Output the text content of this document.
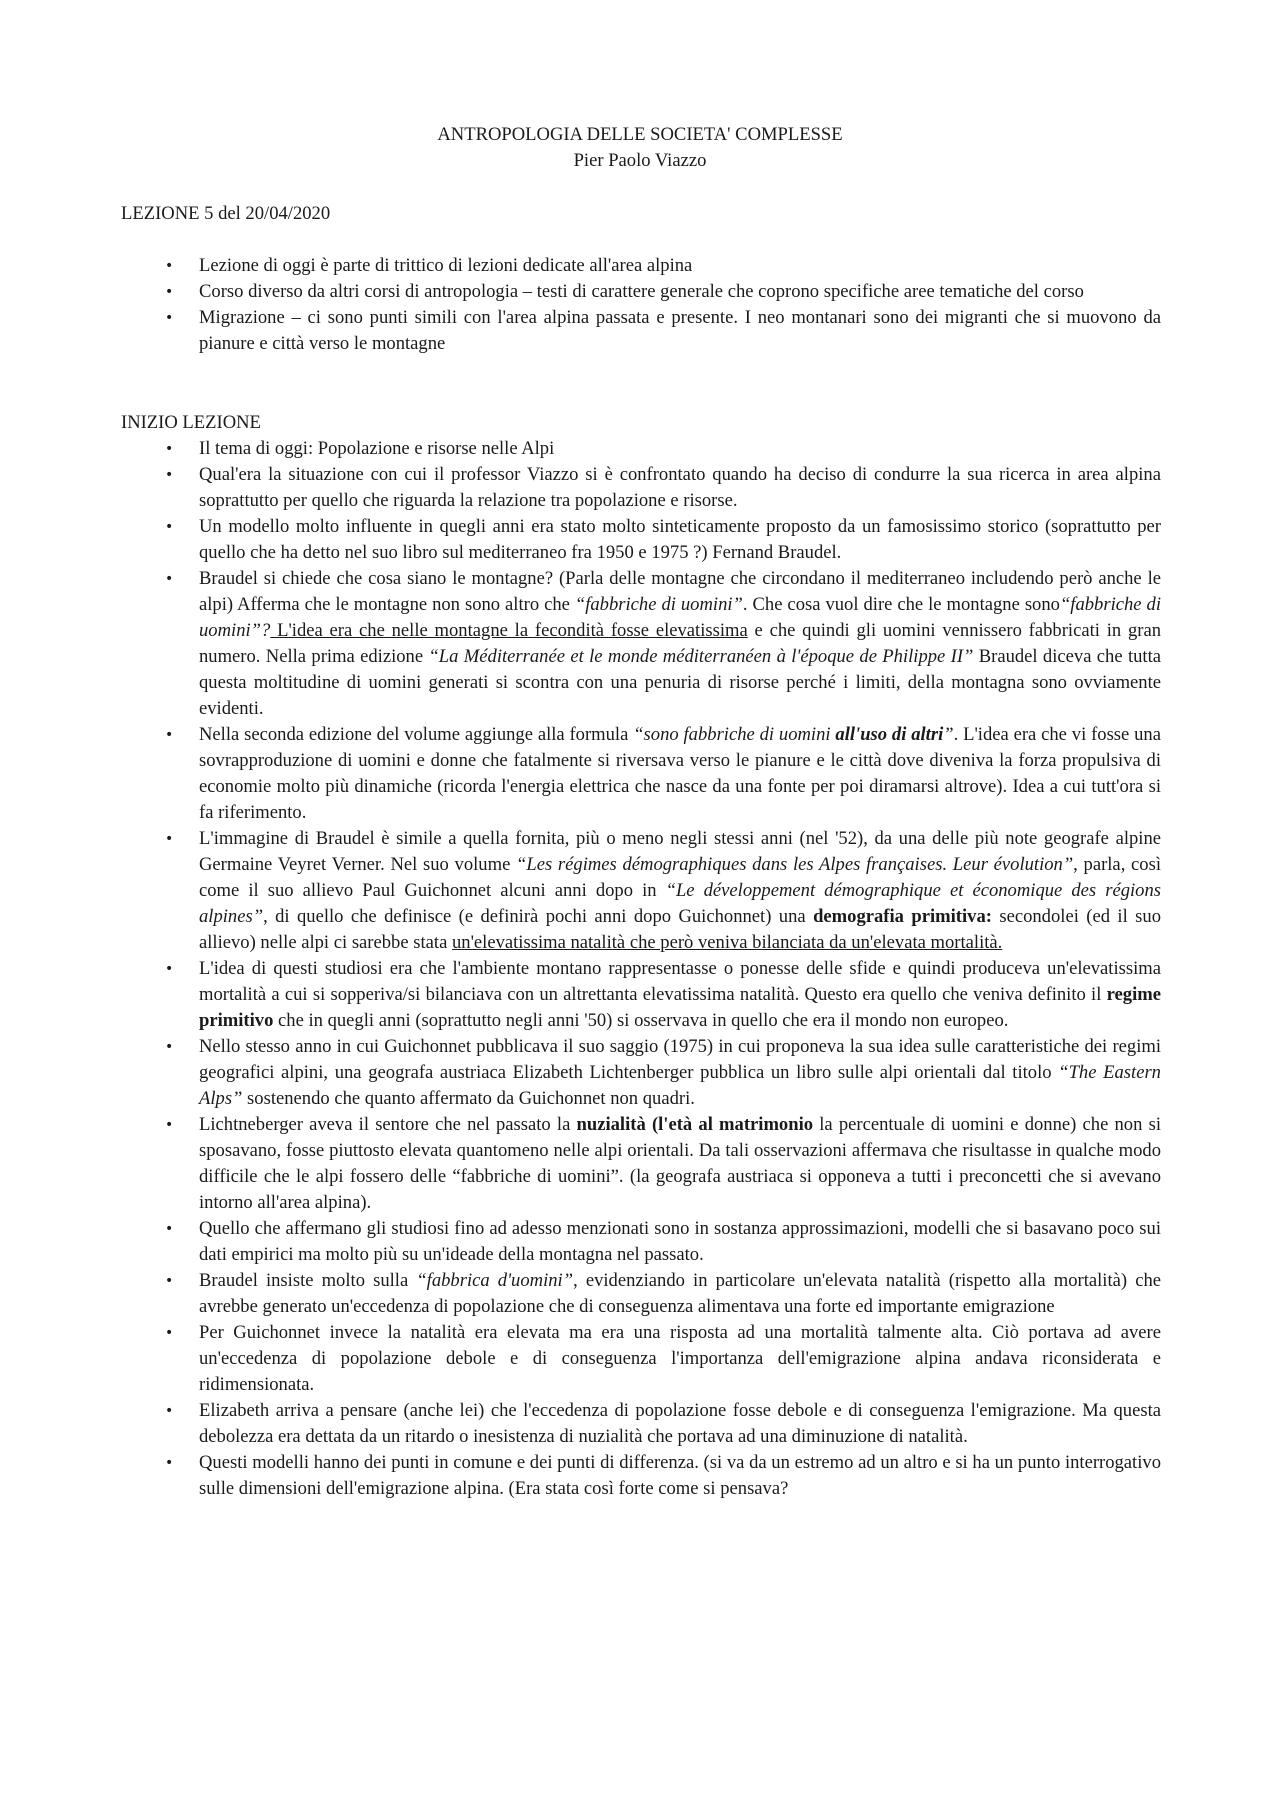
ANTROPOLOGIA DELLE SOCIETA' COMPLESSE
Pier Paolo Viazzo
LEZIONE 5 del 20/04/2020
• Lezione di oggi è parte di trittico di lezioni dedicate all'area alpina
• Corso diverso da altri corsi di antropologia – testi di carattere generale che coprono specifiche aree tematiche del corso
• Migrazione – ci sono punti simili con l'area alpina passata e presente. I neo montanari sono dei migranti che si muovono da pianure e città verso le montagne
INIZIO LEZIONE
• Il tema di oggi: Popolazione e risorse nelle Alpi
• Qual'era la situazione con cui il professor Viazzo si è confrontato quando ha deciso di condurre la sua ricerca in area alpina soprattutto per quello che riguarda la relazione tra popolazione e risorse.
• Un modello molto influente in quegli anni era stato molto sinteticamente proposto da un famosissimo storico (soprattutto per quello che ha detto nel suo libro sul mediterraneo fra 1950 e 1975 ?) Fernand Braudel.
• Braudel si chiede che cosa siano le montagne? (Parla delle montagne che circondano il mediterraneo includendo però anche le alpi) Afferma che le montagne non sono altro che “fabbriche di uomini”. Che cosa vuol dire che le montagne sono“fabbriche di uomini”? L'idea era che nelle montagne la fecondità fosse elevatissima e che quindi gli uomini vennissero fabbricati in gran numero. Nella prima edizione “La Méditerranée et le monde méditerranéen à l'époque de Philippe II” Braudel diceva che tutta questa moltitudine di uomini generati si scontra con una penuria di risorse perché i limiti, della montagna sono ovviamente evidenti.
• Nella seconda edizione del volume aggiunge alla formula “sono fabbriche di uomini all'uso di altri”. L'idea era che vi fosse una sovrapproduzione di uomini e donne che fatalmente si riversava verso le pianure e le città dove diveniva la forza propulsiva di economie molto più dinamiche (ricorda l'energia elettrica che nasce da una fonte per poi diramarsi altrove). Idea a cui tutt'ora si fa riferimento.
• L'immagine di Braudel è simile a quella fornita, più o meno negli stessi anni (nel '52), da una delle più note geografe alpine Germaine Veyret Verner. Nel suo volume “Les régimes démographiques dans les Alpes françaises. Leur évolution”, parla, così come il suo allievo Paul Guichonnet alcuni anni dopo in “Le développement démographique et économique des régions alpines”, di quello che definisce (e definirà pochi anni dopo Guichonnet) una demografia primitiva: secondolei (ed il suo allievo) nelle alpi ci sarebbe stata un'elevatissima natalità che però veniva bilanciata da un'elevata mortalità.
• L'idea di questi studiosi era che l'ambiente montano rappresentasse o ponesse delle sfide e quindi produceva un'elevatissima mortalità a cui si sopperiva/si bilanciava con un altrettanta elevatissima natalità. Questo era quello che veniva definito il regime primitivo che in quegli anni (soprattutto negli anni '50) si osservava in quello che era il mondo non europeo.
• Nello stesso anno in cui Guichonnet pubblicava il suo saggio (1975) in cui proponeva la sua idea sulle caratteristiche dei regimi geografici alpini, una geografa austriaca Elizabeth Lichtenberger pubblica un libro sulle alpi orientali dal titolo “The Eastern Alps” sostenendo che quanto affermato da Guichonnet non quadri.
• Lichtneberger aveva il sentore che nel passato la nuzialità (l'età al matrimonio la percentuale di uomini e donne) che non si sposavano, fosse piuttosto elevata quantomeno nelle alpi orientali. Da tali osservazioni affermava che risultasse in qualche modo difficile che le alpi fossero delle “fabbriche di uomini”. (la geografa austriaca si opponeva a tutti i preconcetti che si avevano intorno all'area alpina).
• Quello che affermano gli studiosi fino ad adesso menzionati sono in sostanza approssimazioni, modelli che si basavano poco sui dati empirici ma molto più su un'ideade della montagna nel passato.
• Braudel insiste molto sulla “fabbrica d'uomini”, evidenziando in particolare un'elevata natalità (rispetto alla mortalità) che avrebbe generato un'eccedenza di popolazione che di conseguenza alimentava una forte ed importante emigrazione
• Per Guichonnet invece la natalità era elevata ma era una risposta ad una mortalità talmente alta. Ciò portava ad avere un'eccedenza di popolazione debole e di conseguenza l'importanza dell'emigrazione alpina andava riconsiderata e ridimensionata.
• Elizabeth arriva a pensare (anche lei) che l'eccedenza di popolazione fosse debole e di conseguenza l'emigrazione. Ma questa debolezza era dettata da un ritardo o inesistenza di nuzialità che portava ad una diminuzione di natalità.
• Questi modelli hanno dei punti in comune e dei punti di differenza. (si va da un estremo ad un altro e si ha un punto interrogativo sulle dimensioni dell'emigrazione alpina. (Era stata così forte come si pensava?
